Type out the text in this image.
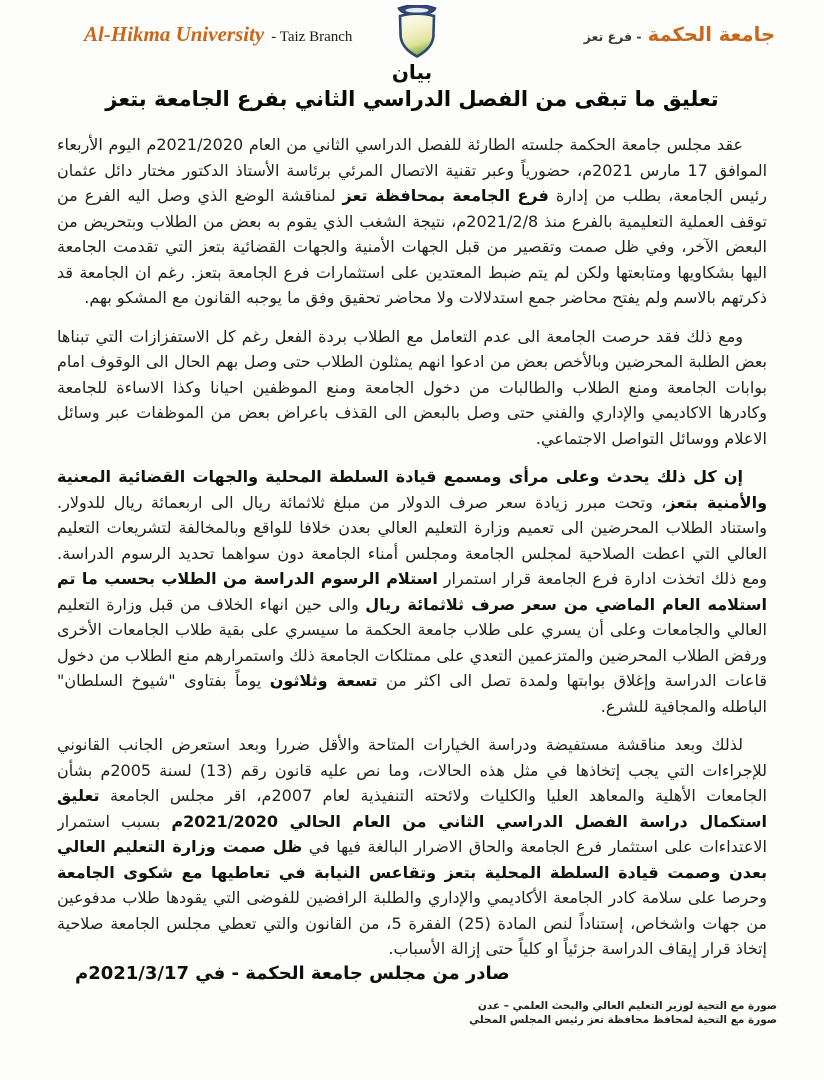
Al-Hikma University - Taiz Branch	جامعة الحكمة- فرع تعز
بيان
تعليق ما تبقى من الفصل الدراسي الثاني بفرع الجامعة بتعز

عقد مجلس جامعة الحكمة جلسته الطارئة للفصل الدراسي الثاني من العام 2021/2020م اليوم الأربعاء الموافق 17 مارس 2021م، حضورياً وعبر تقنية الاتصال المرئي برئاسة الأستاذ الدكتور مختار دائل عثمان رئيس الجامعة، بطلب من إدارة فرع الجامعة بمحافظة تعز لمناقشة الوضع الذي وصل اليه الفرع من توقف العملية التعليمية بالفرع منذ 2021/2/8م، نتيجة الشغب الذي يقوم به بعض من الطلاب وبتحريض من البعض الآخر، وفي ظل صمت وتقصير من قبل الجهات الأمنية والجهات القضائية بتعز التي تقدمت الجامعة اليها بشكاويها ومتابعتها ولكن لم يتم ضبط المعتدين على استثمارات فرع الجامعة بتعز. رغم ان الجامعة قد ذكرتهم بالاسم ولم يفتح محاضر جمع استدلالات ولا محاضر تحقيق وفق ما يوجبه القانون مع المشكو بهم.

ومع ذلك فقد حرصت الجامعة الى عدم التعامل مع الطلاب بردة الفعل رغم كل الاستفزازات التي تبناها بعض الطلبة المحرضين وبالأخص بعض من ادعوا انهم يمثلون الطلاب حتى وصل بهم الحال الى الوقوف امام بوابات الجامعة ومنع الطلاب والطالبات من دخول الجامعة ومنع الموظفين احيانا وكذا الاساءة للجامعة وكادرها الاكاديمي والإداري والفني حتى وصل بالبعض الى القذف باعراض بعض من الموظفات عبر وسائل الاعلام ووسائل التواصل الاجتماعي.

إن كل ذلك يحدث وعلى مرأى ومسمع قيادة السلطة المحلية والجهات القضائية المعنية والأمنية بتعز، وتحت مبرر زيادة سعر صرف الدولار من مبلغ ثلاثمائة ريال الى اربعمائة ريال للدولار. واستناد الطلاب المحرضين الى تعميم وزارة التعليم العالي بعدن خلافا للواقع وبالمخالفة لتشريعات التعليم العالي التي اعطت الصلاحية لمجلس الجامعة ومجلس أمناء الجامعة دون سواهما تحديد الرسوم الدراسة. ومع ذلك اتخذت ادارة فرع الجامعة قرار استمرار استلام الرسوم الدراسة من الطلاب بحسب ما تم استلامه العام الماضي من سعر صرف ثلاثمائة ريال والى حين انهاء الخلاف من قبل وزارة التعليم العالي والجامعات وعلى أن يسري على طلاب جامعة الحكمة ما سيسري على بقية طلاب الجامعات الأخرى ورفض الطلاب المحرضين والمتزعمين التعدي على ممتلكات الجامعة ذلك واستمرارهم منع الطلاب من دخول قاعات الدراسة وإغلاق بوابتها ولمدة تصل الى اكثر من تسعة وثلاثون يوماً بفتاوى "شيوخ السلطان" الباطله والمجافية للشرع.

لذلك وبعد مناقشة مستفيضة ودراسة الخيارات المتاحة والأقل ضررا وبعد استعرض الجانب القانوني للإجراءات التي يجب إتخاذها في مثل هذه الحالات، وما نص عليه قانون رقم (13) لسنة 2005م بشأن الجامعات الأهلية والمعاهد العليا والكليات ولائحته التنفيذية لعام 2007م، اقر مجلس الجامعة تعليق استكمال دراسة الفصل الدراسي الثاني من العام الحالي 2021/2020م بسبب استمرار الاعتداءات على استثمار فرع الجامعة والحاق الاضرار البالغة فيها في ظل صمت وزارة التعليم العالي بعدن وصمت قيادة السلطة المحلية بتعز وتقاعس النيابة في تعاطيها مع شكوى الجامعة وحرصا على سلامة كادر الجامعة الأكاديمي والإداري والطلبة الرافضين للفوضى التي يقودها طلاب مدفوعين من جهات واشخاص، إستناداً لنص المادة (25) الفقرة 5، من القانون والتي تعطي مجلس الجامعة صلاحية إتخاذ قرار إيقاف الدراسة جزئياً او كلياً حتى إزالة الأسباب.

صادر من مجلس جامعة الحكمة - في 2021/3/17م
صورة مع التحية لوزير التعليم العالي والبحث العلمي – عدن
صورة مع التحية لمحافظ محافظة تعز رئيس المجلس المحلي
